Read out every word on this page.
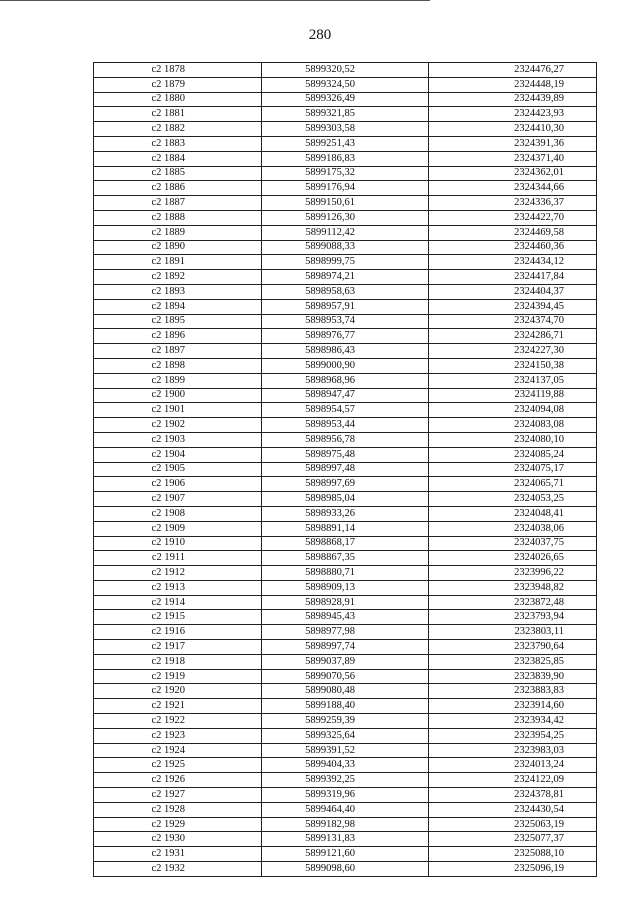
280
c2 1878	5899320,52	2324476,27
c2 1879	5899324,50	2324448,19
c2 1880	5899326,49	2324439,89
c2 1881	5899321,85	2324423,93
c2 1882	5899303,58	2324410,30
c2 1883	5899251,43	2324391,36
c2 1884	5899186,83	2324371,40
c2 1885	5899175,32	2324362,01
c2 1886	5899176,94	2324344,66
c2 1887	5899150,61	2324336,37
c2 1888	5899126,30	2324422,70
c2 1889	5899112,42	2324469,58
c2 1890	5899088,33	2324460,36
c2 1891	5898999,75	2324434,12
c2 1892	5898974,21	2324417,84
c2 1893	5898958,63	2324404,37
c2 1894	5898957,91	2324394,45
c2 1895	5898953,74	2324374,70
c2 1896	5898976,77	2324286,71
c2 1897	5898986,43	2324227,30
c2 1898	5899000,90	2324150,38
c2 1899	5898968,96	2324137,05
c2 1900	5898947,47	2324119,88
c2 1901	5898954,57	2324094,08
c2 1902	5898953,44	2324083,08
c2 1903	5898956,78	2324080,10
c2 1904	5898975,48	2324085,24
c2 1905	5898997,48	2324075,17
c2 1906	5898997,69	2324065,71
c2 1907	5898985,04	2324053,25
c2 1908	5898933,26	2324048,41
c2 1909	5898891,14	2324038,06
c2 1910	5898868,17	2324037,75
c2 1911	5898867,35	2324026,65
c2 1912	5898880,71	2323996,22
c2 1913	5898909,13	2323948,82
c2 1914	5898928,91	2323872,48
c2 1915	5898945,43	2323793,94
c2 1916	5898977,98	2323803,11
c2 1917	5898997,74	2323790,64
c2 1918	5899037,89	2323825,85
c2 1919	5899070,56	2323839,90
c2 1920	5899080,48	2323883,83
c2 1921	5899188,40	2323914,60
c2 1922	5899259,39	2323934,42
c2 1923	5899325,64	2323954,25
c2 1924	5899391,52	2323983,03
c2 1925	5899404,33	2324013,24
c2 1926	5899392,25	2324122,09
c2 1927	5899319,96	2324378,81
c2 1928	5899464,40	2324430,54
c2 1929	5899182,98	2325063,19
c2 1930	5899131,83	2325077,37
c2 1931	5899121,60	2325088,10
c2 1932	5899098,60	2325096,19
